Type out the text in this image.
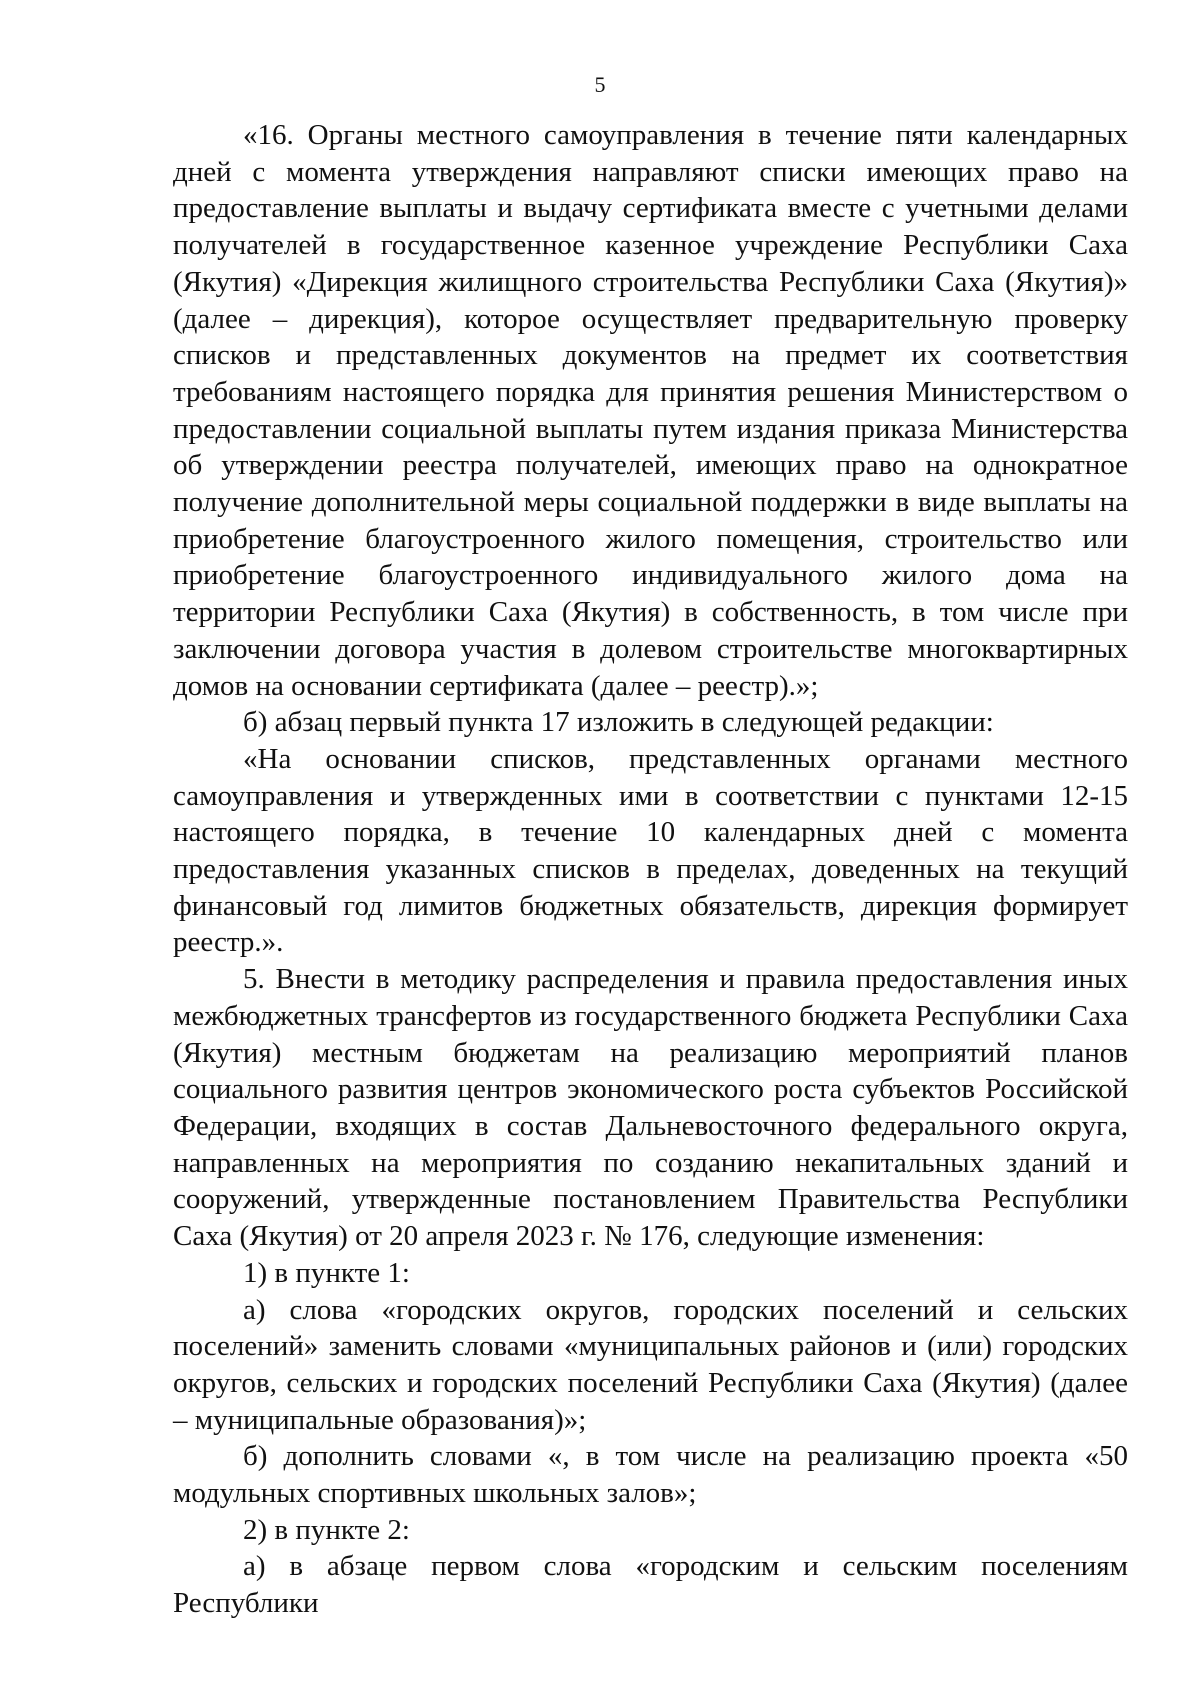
5

«16. Органы местного самоуправления в течение пяти календарных дней с момента утверждения направляют списки имеющих право на предоставление выплаты и выдачу сертификата вместе с учетными делами получателей в государственное казенное учреждение Республики Саха (Якутия) «Дирекция жилищного строительства Республики Саха (Якутия)» (далее – дирекция), которое осуществляет предварительную проверку списков и представленных документов на предмет их соответствия требованиям настоящего порядка для принятия решения Министерством о предоставлении социальной выплаты путем издания приказа Министерства об утверждении реестра получателей, имеющих право на однократное получение дополнительной меры социальной поддержки в виде выплаты на приобретение благоустроенного жилого помещения, строительство или приобретение благоустроенного индивидуального жилого дома на территории Республики Саха (Якутия) в собственность, в том числе при заключении договора участия в долевом строительстве многоквартирных домов на основании сертификата (далее – реестр).»;

б) абзац первый пункта 17 изложить в следующей редакции:

«На основании списков, представленных органами местного самоуправления и утвержденных ими в соответствии с пунктами 12-15 настоящего порядка, в течение 10 календарных дней с момента предоставления указанных списков в пределах, доведенных на текущий финансовый год лимитов бюджетных обязательств, дирекция формирует реестр.».

5. Внести в методику распределения и правила предоставления иных межбюджетных трансфертов из государственного бюджета Республики Саха (Якутия) местным бюджетам на реализацию мероприятий планов социального развития центров экономического роста субъектов Российской Федерации, входящих в состав Дальневосточного федерального округа, направленных на мероприятия по созданию некапитальных зданий и сооружений, утвержденные постановлением Правительства Республики Саха (Якутия) от 20 апреля 2023 г. № 176, следующие изменения:

1) в пункте 1:

а) слова «городских округов, городских поселений и сельских поселений» заменить словами «муниципальных районов и (или) городских округов, сельских и городских поселений Республики Саха (Якутия) (далее – муниципальные образования)»;

б) дополнить словами «, в том числе на реализацию проекта «50 модульных спортивных школьных залов»;

2) в пункте 2:

а) в абзаце первом слова «городским и сельским поселениям Республики
